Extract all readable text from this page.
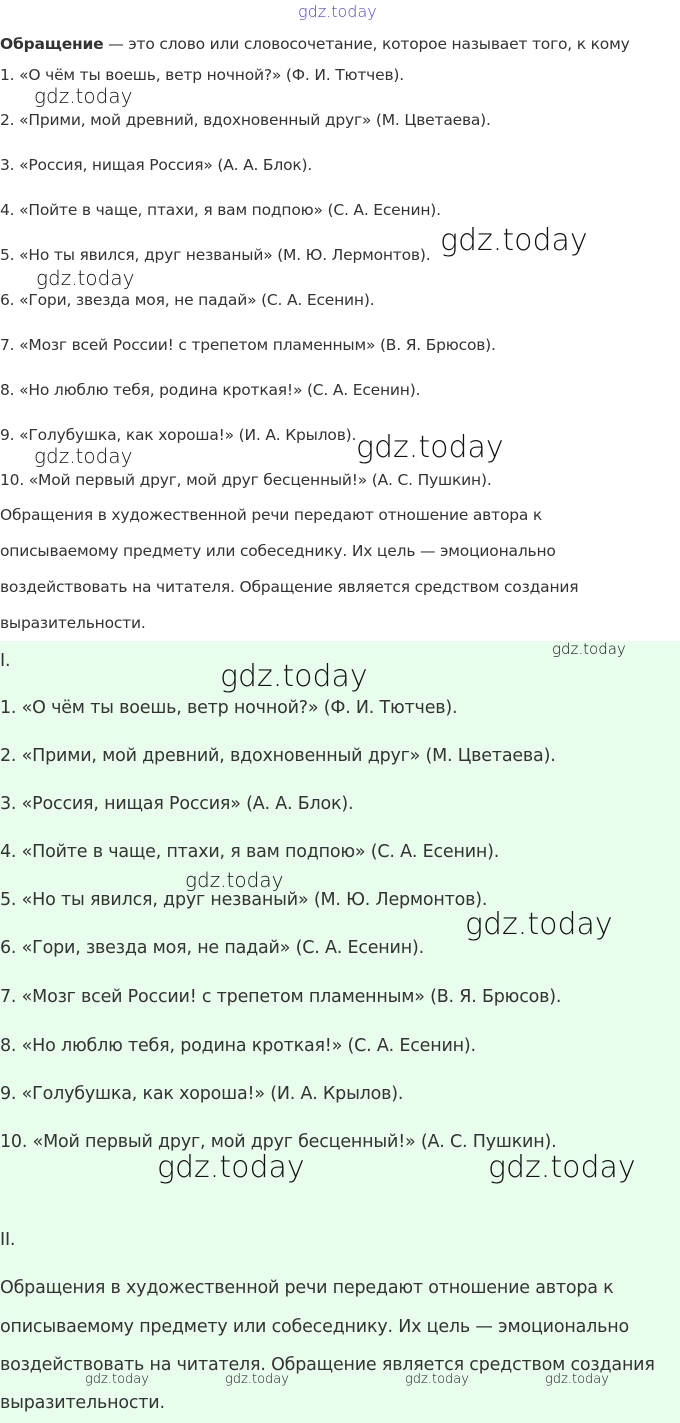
gdz.today
Обращение — это слово или словосочетание, которое называет того, к кому
1. «О чём ты воешь, ветр ночной?» (Ф. И. Тютчев).
2. «Прими, мой древний, вдохновенный друг» (М. Цветаева).
3. «Россия, нищая Россия» (А. А. Блок).
4. «Пойте в чаще, птахи, я вам подпою» (С. А. Есенин).
5. «Но ты явился, друг незваный» (М. Ю. Лермонтов).
6. «Гори, звезда моя, не падай» (С. А. Есенин).
7. «Мозг всей России! с трепетом пламенным» (В. Я. Брюсов).
8. «Но люблю тебя, родина кроткая!» (С. А. Есенин).
9. «Голубушка, как хороша!» (И. А. Крылов).
10. «Мой первый друг, мой друг бесценный!» (А. С. Пушкин).
Обращения в художественной речи передают отношение автора к
описываемому предмету или собеседнику. Их цель — эмоционально
воздействовать на читателя. Обращение является средством создания
выразительности.
I.
1. «О чём ты воешь, ветр ночной?» (Ф. И. Тютчев).
2. «Прими, мой древний, вдохновенный друг» (М. Цветаева).
3. «Россия, нищая Россия» (А. А. Блок).
4. «Пойте в чаще, птахи, я вам подпою» (С. А. Есенин).
5. «Но ты явился, друг незваный» (М. Ю. Лермонтов).
6. «Гори, звезда моя, не падай» (С. А. Есенин).
7. «Мозг всей России! с трепетом пламенным» (В. Я. Брюсов).
8. «Но люблю тебя, родина кроткая!» (С. А. Есенин).
9. «Голубушка, как хороша!» (И. А. Крылов).
10. «Мой первый друг, мой друг бесценный!» (А. С. Пушкин).
II.
Обращения в художественной речи передают отношение автора к
описываемому предмету или собеседнику. Их цель — эмоционально
воздействовать на читателя. Обращение является средством создания
выразительности.
gdz.today
gdz.today
gdz.today
gdz.today
gdz.today
gdz.today
gdz.today
gdz.today
gdz.today
gdz.today	gdz.today
gdz.today	gdz.today	gdz.today	gdz.today
